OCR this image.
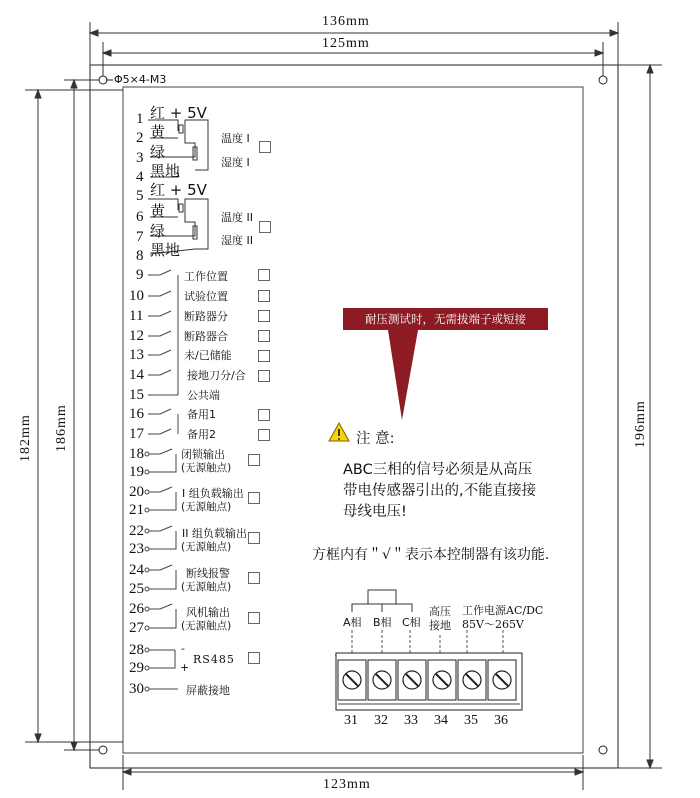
136mm
125mm
123mm
182mm 186mm	196mm
Φ5×4-M3
1 红 + 5V
2 黄
3 绿
4 黑地
温度 I
湿度 I
5 红 + 5V
6 黄
7 绿
8 黑地
温度 II
湿度 II
9	工作位置
10	试验位置
11	断路器分
12	断路器合
13	未/已储能
14	接地刀分/合
15	公共端
16	备用1
17	备用2
18
19
闭锁输出
(无源触点)
20
21
I 组负载输出
(无源触点)
22
23
II 组负载输出
(无源触点)
24
25
断线报警
(无源触点)
26
27
风机输出
(无源触点)
28
29
-
+
RS485
30	屏蔽接地
耐压测试时，无需拔端子或短接
注 意:
ABC三相的信号必须是从高压
带电传感器引出的,不能直接接
母线电压!
方框内有＂√＂表示本控制器有该功能.
A相 B相 C相
高压
接地
工作电源AC/DC
85V～265V
31 32 33 34 35 36
